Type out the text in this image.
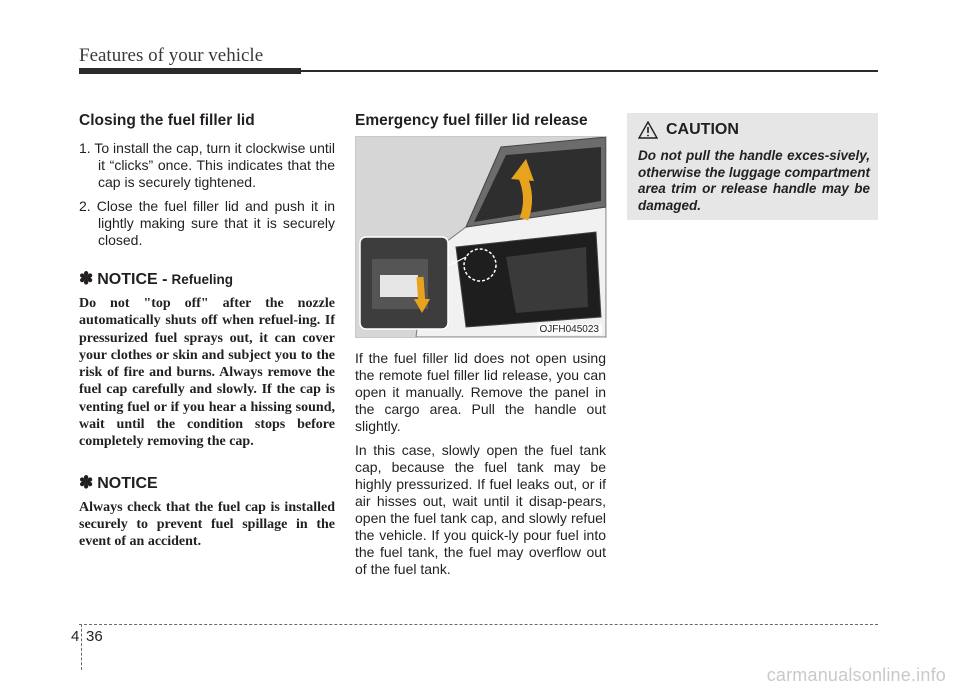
Features of your vehicle
Closing the fuel filler lid
1. To install the cap, turn it clockwise until it “clicks” once. This indicates that the cap is securely tightened.
2. Close the fuel filler lid and push it in lightly making sure that it is securely closed.
✽ NOTICE - Refueling

Do not "top off" after the nozzle automatically shuts off when refuel-ing. If pressurized fuel sprays out, it can cover your clothes or skin and subject you to the risk of fire and burns. Always remove the fuel cap carefully and slowly. If the cap is venting fuel or if you hear a hissing sound, wait until the condition stops before completely removing the cap.

✽ NOTICE

Always check that the fuel cap is installed securely to prevent fuel spillage in the event of an accident.

Emergency fuel filler lid release
OJFH045023

If the fuel filler lid does not open using the remote fuel filler lid release, you can open it manually. Remove the panel in the cargo area. Pull the handle out slightly.

In this case, slowly open the fuel tank cap, because the fuel tank may be highly pressurized. If fuel leaks out, or if air hisses out, wait until it disap-pears, open the fuel tank cap, and slowly refuel the vehicle. If you quick-ly pour fuel into the fuel tank, the fuel may overflow out of the fuel tank.

CAUTION

Do not pull the handle exces-sively, otherwise the luggage compartment area trim or release handle may be damaged.

4 36
carmanualsonline.info
